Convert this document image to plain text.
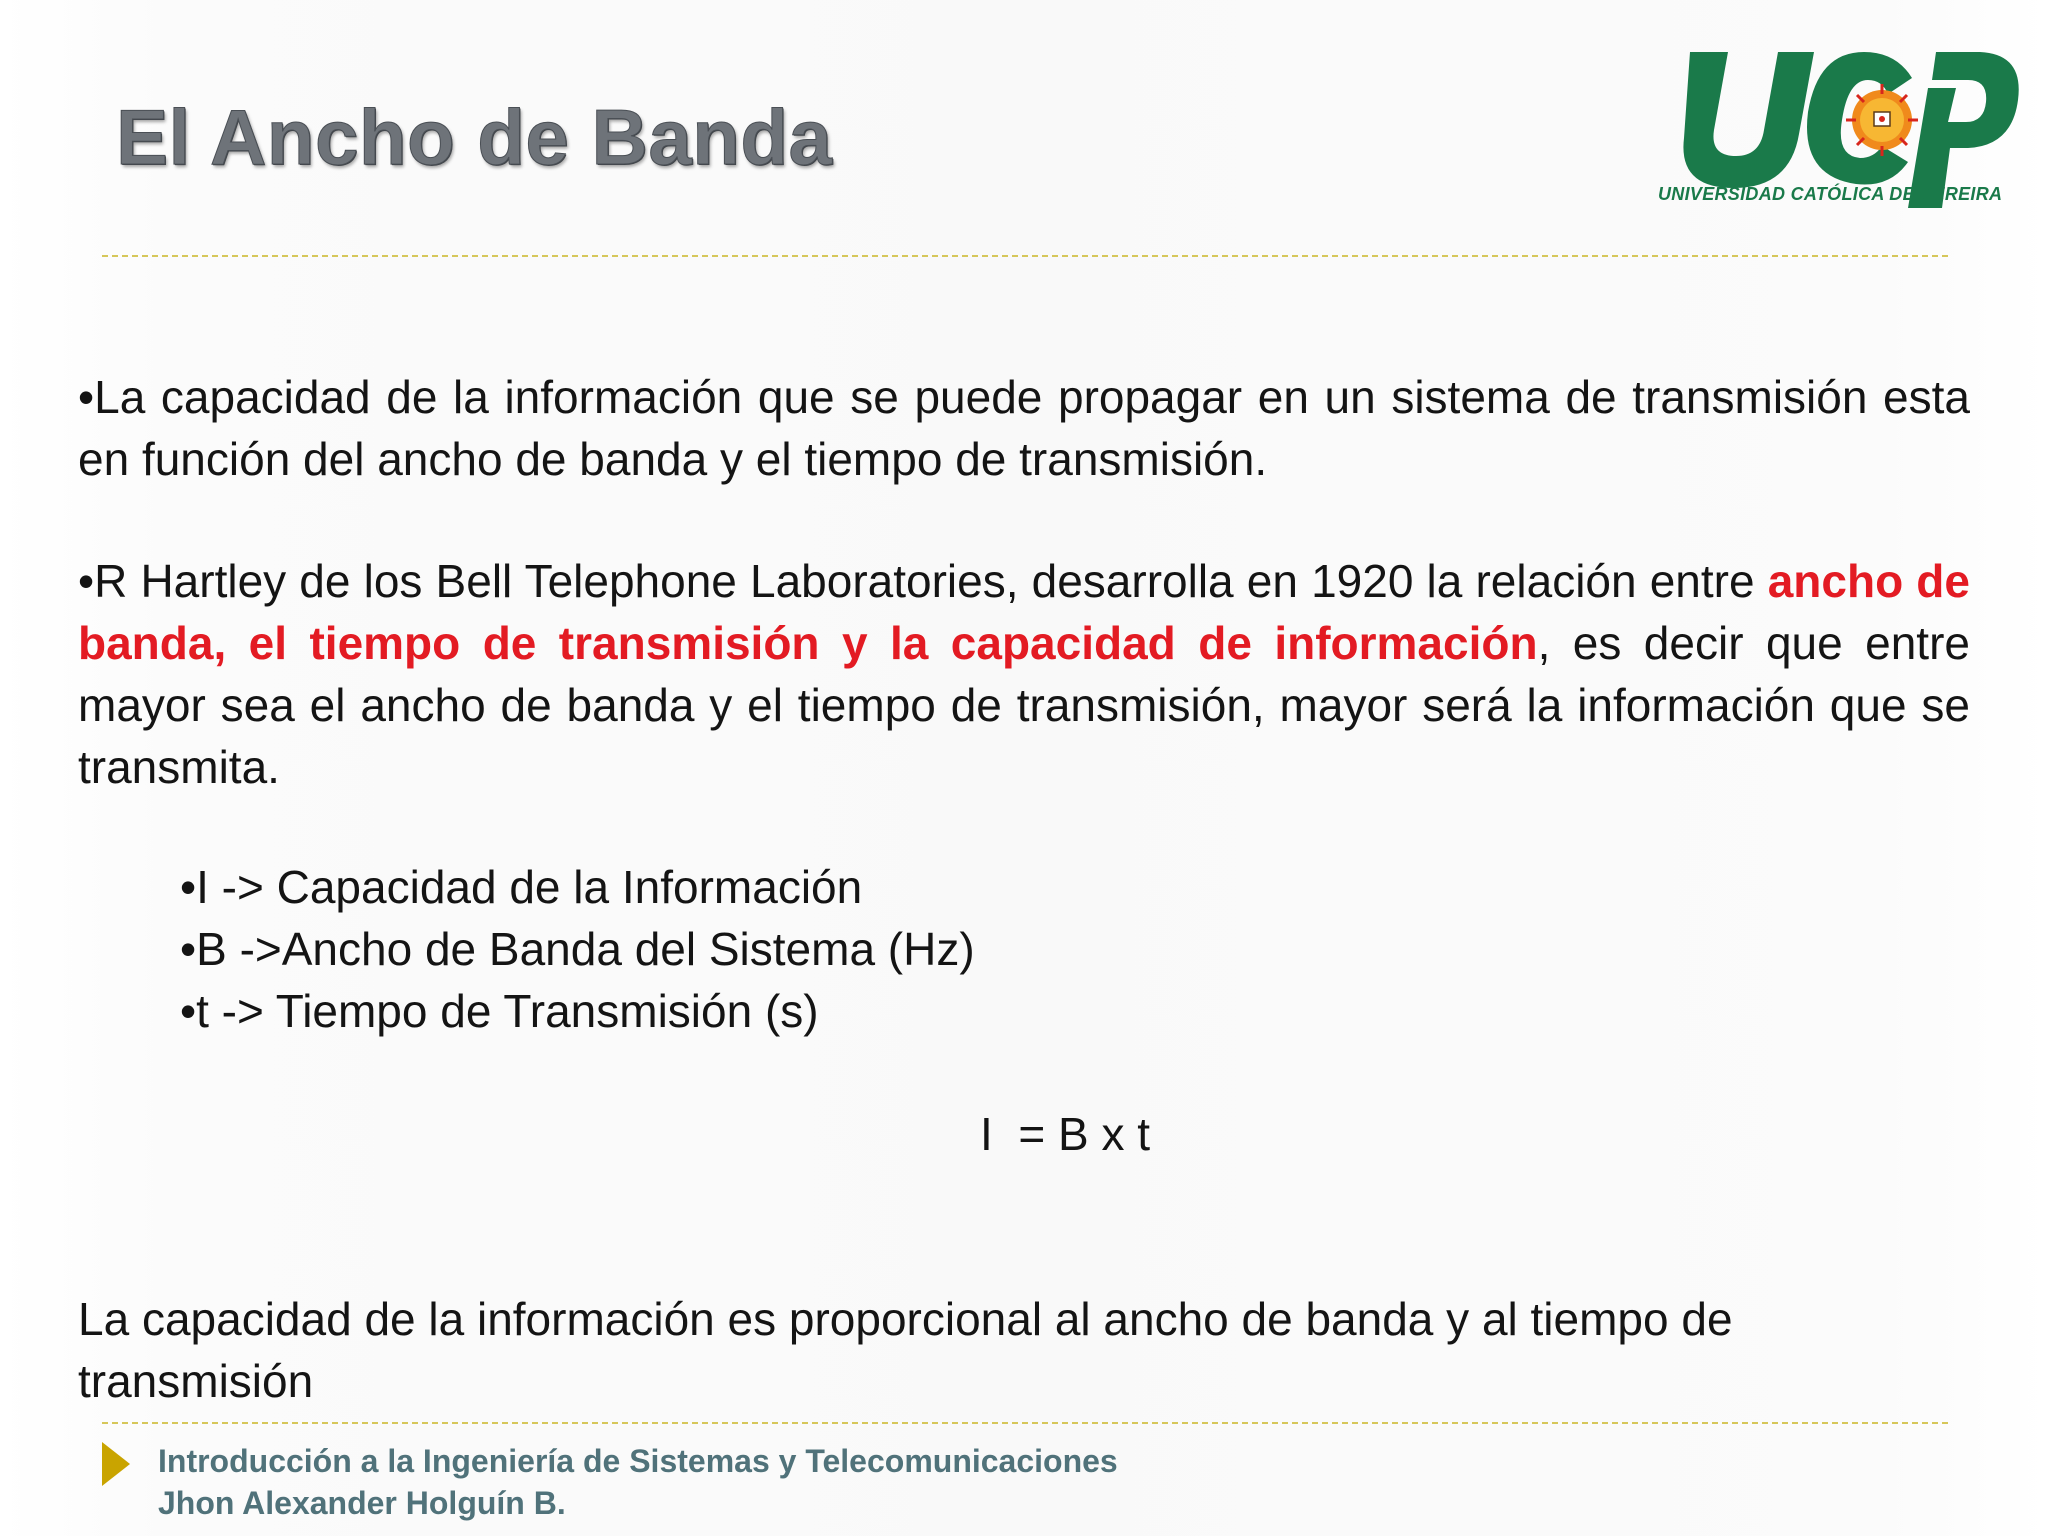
El Ancho de Banda
UNIVERSIDAD CATÓLICA DE PEREIRA
•La capacidad de la información que se puede propagar en un sistema de transmisión esta en función del ancho de banda y el tiempo de transmisión.
•R Hartley de los Bell Telephone Laboratories, desarrolla en 1920 la relación entre ancho de banda, el tiempo de transmisión y la capacidad de información, es decir que entre mayor sea el ancho de banda y el tiempo de transmisión, mayor será la información que se transmita.
•I -> Capacidad de la Información
•B ->Ancho de Banda del Sistema (Hz)
•t -> Tiempo de Transmisión (s)
I  = B x t
La capacidad de la información es proporcional al ancho de banda y al tiempo de transmisión
Introducción a la Ingeniería de Sistemas y Telecomunicaciones
Jhon Alexander Holguín B.
